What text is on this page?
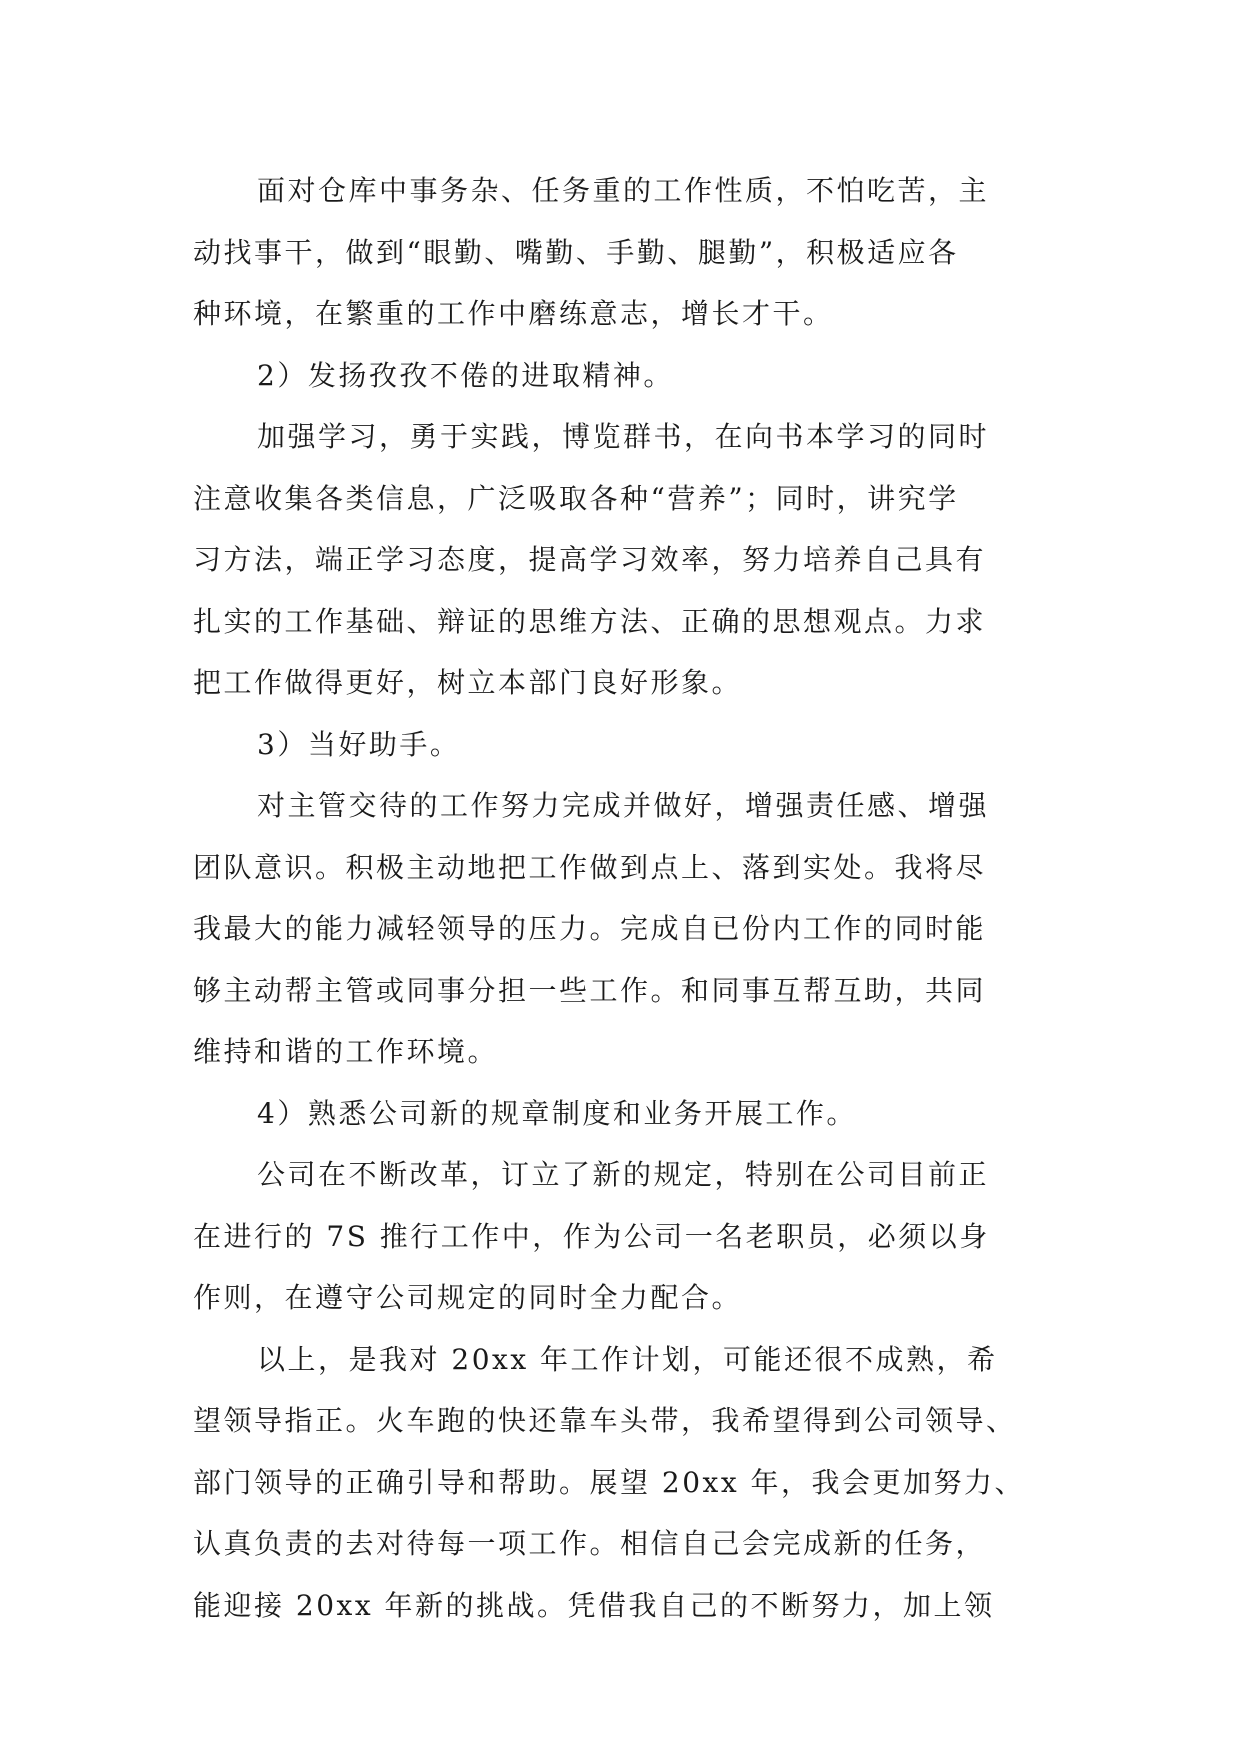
面对仓库中事务杂、任务重的工作性质，不怕吃苦，主
动找事干，做到“眼勤、嘴勤、手勤、腿勤”，积极适应各
种环境，在繁重的工作中磨练意志，增长才干。
2）发扬孜孜不倦的进取精神。
加强学习，勇于实践，博览群书，在向书本学习的同时
注意收集各类信息，广泛吸取各种“营养”；同时，讲究学
习方法，端正学习态度，提高学习效率，努力培养自己具有
扎实的工作基础、辩证的思维方法、正确的思想观点。力求
把工作做得更好，树立本部门良好形象。
3）当好助手。
对主管交待的工作努力完成并做好，增强责任感、增强
团队意识。积极主动地把工作做到点上、落到实处。我将尽
我最大的能力减轻领导的压力。完成自已份内工作的同时能
够主动帮主管或同事分担一些工作。和同事互帮互助，共同
维持和谐的工作环境。
4）熟悉公司新的规章制度和业务开展工作。
公司在不断改革，订立了新的规定，特别在公司目前正
在进行的 7S 推行工作中，作为公司一名老职员，必须以身
作则，在遵守公司规定的同时全力配合。
以上，是我对 20xx 年工作计划，可能还很不成熟，希
望领导指正。火车跑的快还靠车头带，我希望得到公司领导、
部门领导的正确引导和帮助。展望 20xx 年，我会更加努力、
认真负责的去对待每一项工作。相信自己会完成新的任务，
能迎接 20xx 年新的挑战。凭借我自己的不断努力，加上领
